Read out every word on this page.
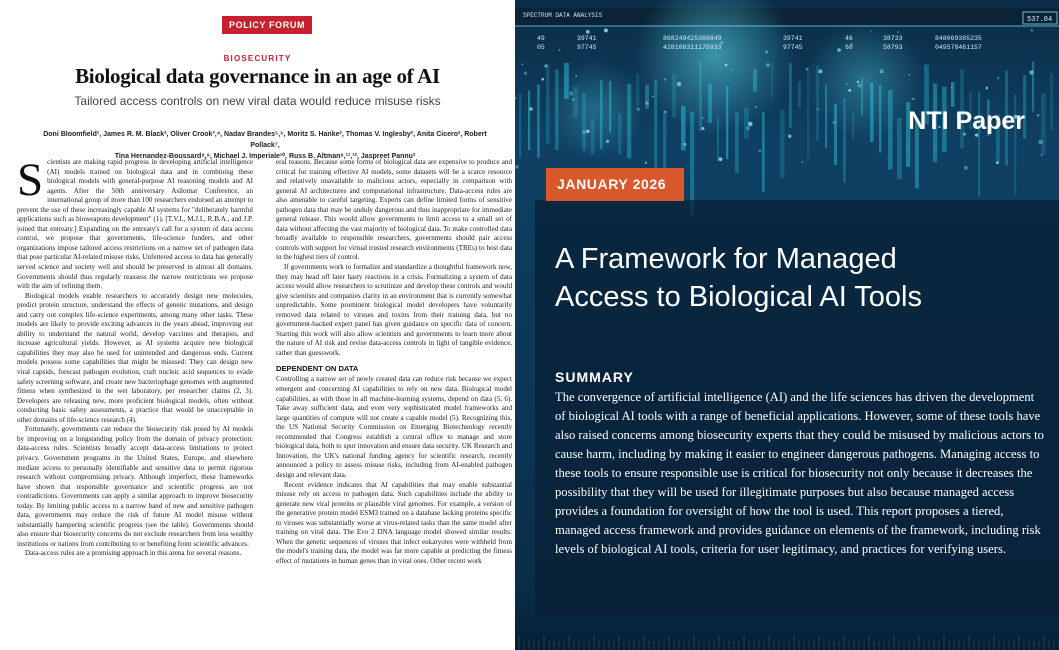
POLICY FORUM
BIOSECURITY
Biological data governance in an age of AI
Tailored access controls on new viral data would reduce misuse risks
Doni Bloomfield¹, James R. M. Black², Oliver Crook³,⁴, Nadav Brandes⁵,⁶, Moritz S. Hanke², Thomas V. Inglesby², Anita Cicero², Robert Pollack⁷,
Tina Hernandez-Boussard⁸,⁹, Michael J. Imperiale¹⁰, Russ B. Altman⁸,¹¹,¹², Jaspreet Pannu²

Scientists are making rapid progress in developing artificial intelligence (AI) models trained on biological data and in combining these biological models with general-purpose AI reasoning models and AI agents. After the 50th anniversary Asilomar Conference, an international group of more than 100 researchers endorsed an attempt to prevent the use of these increasingly capable AI systems for "deliberately harmful applications such as bioweapons development" (1). [T.V.I., M.J.I., R.B.A., and J.P. joined that entreaty.] Expanding on the entreaty's call for a system of data access control, we propose that governments, life-science funders, and other organizations impose tailored access restrictions on a narrow set of pathogen data that pose particular AI-related misuse risks. Unfettered access to data has generally served science and society well and should be preserved in almost all domains. Governments should thus regularly reassess the narrow restrictions we propose with the aim of refining them.

Biological models enable researchers to accurately design new molecules, predict protein structure, understand the effects of genetic mutations, and design and carry out complex life-science experiments, among many other tasks. These models are likely to provide exciting advances in the years ahead, improving our ability to understand the natural world, develop vaccines and therapies, and increase agricultural yields. However, as AI systems acquire new biological capabilities they may also be used for unintended and dangerous ends. Current models possess some capabilities that might be misused: They can design new viral capsids, forecast pathogen evolution, craft nucleic acid sequences to evade safety screening software, and create new bacteriophage genomes with augmented fitness when synthesized in the wet laboratory, per researcher claims (2, 3). Developers are releasing new, more proficient biological models, often without conducting basic safety assessments, a practice that would be unacceptable in other domains of life-science research (4).

Fortunately, governments can reduce the biosecurity risk posed by AI models by improving on a longstanding policy from the domain of privacy protection: data-access rules. Scientists broadly accept data-access limitations to protect privacy. Government programs in the United States, Europe, and elsewhere mediate access to personally identifiable and sensitive data to permit rigorous research without compromising privacy. Although imperfect, these frameworks have shown that responsible governance and scientific progress are not contradictions. Governments can apply a similar approach to improve biosecurity today. By limiting public access to a narrow band of new and sensitive pathogen data, governments may reduce the risk of future AI model misuse without substantially hampering scientific progress (see the table). Governments should also ensure that biosecurity concerns do not exclude researchers from less wealthy institutions or nations from contributing to or benefiting from scientific advances.

Data-access rules are a promising approach in this arena for several reasons.

eral reasons. Because some forms of biological data are expensive to produce and critical for training effective AI models, some datasets will be a scarce resource and relatively unavailable to malicious actors, especially in comparison with general AI architectures and computational infrastructure. Data-access rules are also amenable to careful targeting. Experts can define limited forms of sensitive pathogen data that may be unduly dangerous and thus inappropriate for immediate general release. This would allow governments to limit access to a small set of data without affecting the vast majority of biological data. To make controlled data broadly available to responsible researchers, governments should pair access controls with support for virtual trusted research environments (TREs) to host data in the highest tiers of control.

If governments work to formalize and standardize a thoughtful framework now, they may head off later hasty reactions in a crisis. Formalizing a system of data access would allow researchers to scrutinize and develop these controls and would give scientists and companies clarity in an environment that is currently somewhat unpredictable. Some prominent biological model developers have voluntarily removed data related to viruses and toxins from their training data, but no government-backed expert panel has given guidance on specific data of concern. Starting this work will also allow scientists and governments to learn more about the nature of AI risk and revise data-access controls in light of tangible evidence, rather than guesswork.

DEPENDENT ON DATA

Controlling a narrow set of newly created data can reduce risk because we expect emergent and concerning AI capabilities to rely on new data. Biological model capabilities, as with those in all machine-learning systems, depend on data (5, 6). Take away sufficient data, and even very sophisticated model frameworks and large quantities of compute will not create a capable model (5). Recognizing this, the US National Security Commission on Emerging Biotechnology recently recommended that Congress establish a central office to manage and store biological data, both to spur innovation and ensure data security. UK Research and Innovation, the UK's national funding agency for scientific research, recently announced a policy to assess misuse risks, including from AI-enabled pathogen design and relevant data.

Recent evidence indicates that AI capabilities that may enable substantial misuse rely on access to pathogen data. Such capabilities include the ability to generate new viral proteins or plausible viral genomes. For example, a version of the generative protein model ESM3 trained on a database lacking proteins specific to viruses was substantially worse at virus-related tasks than the same model after training on viral data. The Evo 2 DNA language model showed similar results: When the genetic sequences of viruses that infect eukaryotes were withheld from the model's training data, the model was far more capable at predicting the fitness effect of mutations in human genes than in viral ones. Other recent work

SPECTRUM DATA ANALYSIS
537.04
49	39741	868249425366849	39741	46	38733	848069385235
05	97745	428108311175933	97745	68	58793	049578461157
NTI Paper
JANUARY 2026
A Framework for Managed
Access to Biological AI Tools
SUMMARY
The convergence of artificial intelligence (AI) and the life sciences has driven the development of biological AI tools with a range of beneficial applications. However, some of these tools have also raised concerns among biosecurity experts that they could be misused by malicious actors to cause harm, including by making it easier to engineer dangerous pathogens. Managing access to these tools to ensure responsible use is critical for biosecurity not only because it decreases the possibility that they will be used for illegitimate purposes but also because managed access provides a foundation for oversight of how the tool is used. This report proposes a tiered, managed access framework and provides guidance on elements of the framework, including risk levels of biological AI tools, criteria for user legitimacy, and practices for verifying users.
